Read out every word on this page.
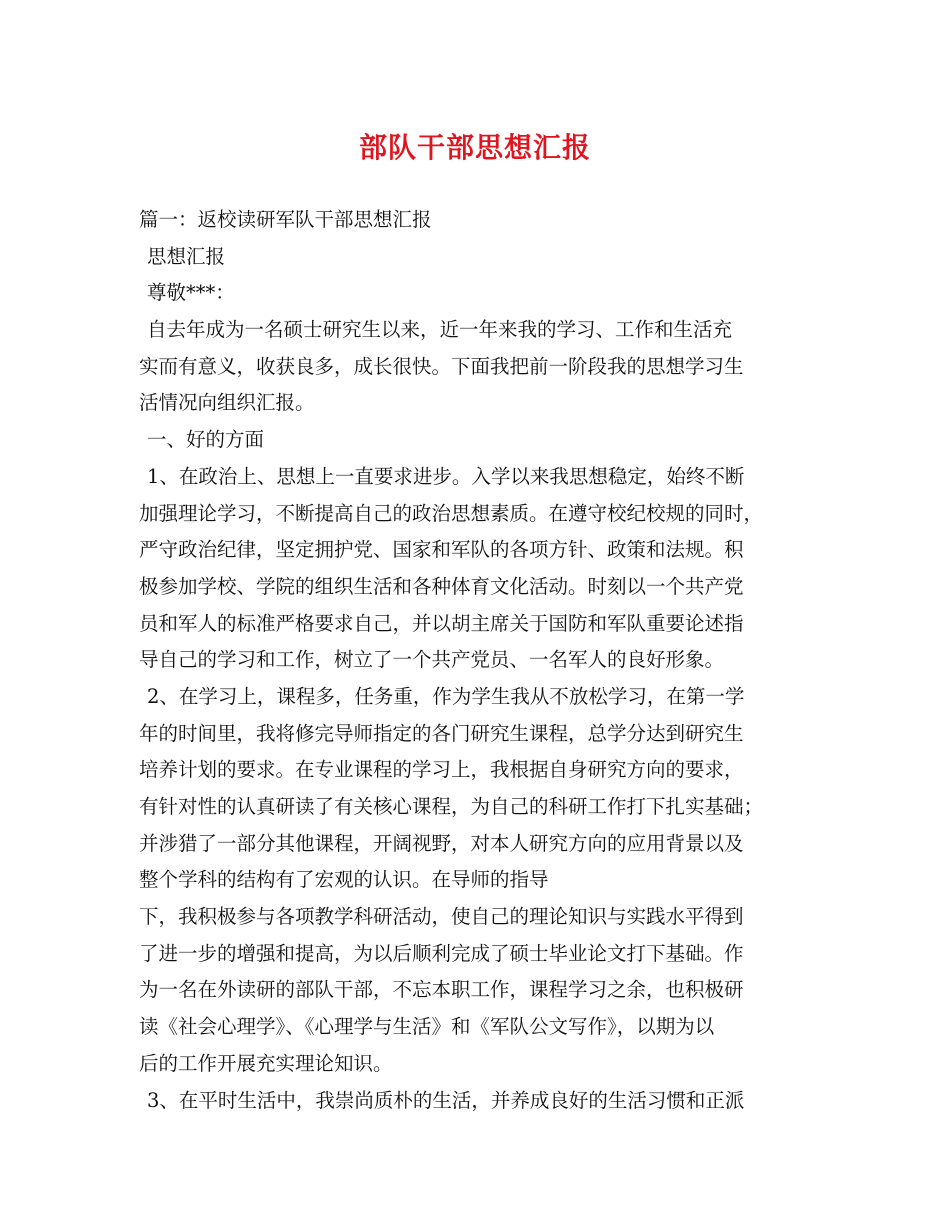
部队干部思想汇报
篇一：返校读研军队干部思想汇报
思想汇报
尊敬***：
自去年成为一名硕士研究生以来，近一年来我的学习、工作和生活充
实而有意义，收获良多，成长很快。下面我把前一阶段我的思想学习生
活情况向组织汇报。
一、好的方面
1、在政治上、思想上一直要求进步。入学以来我思想稳定，始终不断
加强理论学习，不断提高自己的政治思想素质。在遵守校纪校规的同时，
严守政治纪律，坚定拥护党、国家和军队的各项方针、政策和法规。积
极参加学校、学院的组织生活和各种体育文化活动。时刻以一个共产党
员和军人的标准严格要求自己，并以胡主席关于国防和军队重要论述指
导自己的学习和工作，树立了一个共产党员、一名军人的良好形象。
2、在学习上，课程多，任务重，作为学生我从不放松学习，在第一学
年的时间里，我将修完导师指定的各门研究生课程，总学分达到研究生
培养计划的要求。在专业课程的学习上，我根据自身研究方向的要求，
有针对性的认真研读了有关核心课程，为自己的科研工作打下扎实基础；
并涉猎了一部分其他课程，开阔视野，对本人研究方向的应用背景以及
整个学科的结构有了宏观的认识。在导师的指导
下，我积极参与各项教学科研活动，使自己的理论知识与实践水平得到
了进一步的增强和提高，为以后顺利完成了硕士毕业论文打下基础。作
为一名在外读研的部队干部，不忘本职工作，课程学习之余，也积极研
读《社会心理学》、《心理学与生活》和《军队公文写作》，以期为以
后的工作开展充实理论知识。
3、在平时生活中，我崇尚质朴的生活，并养成良好的生活习惯和正派
